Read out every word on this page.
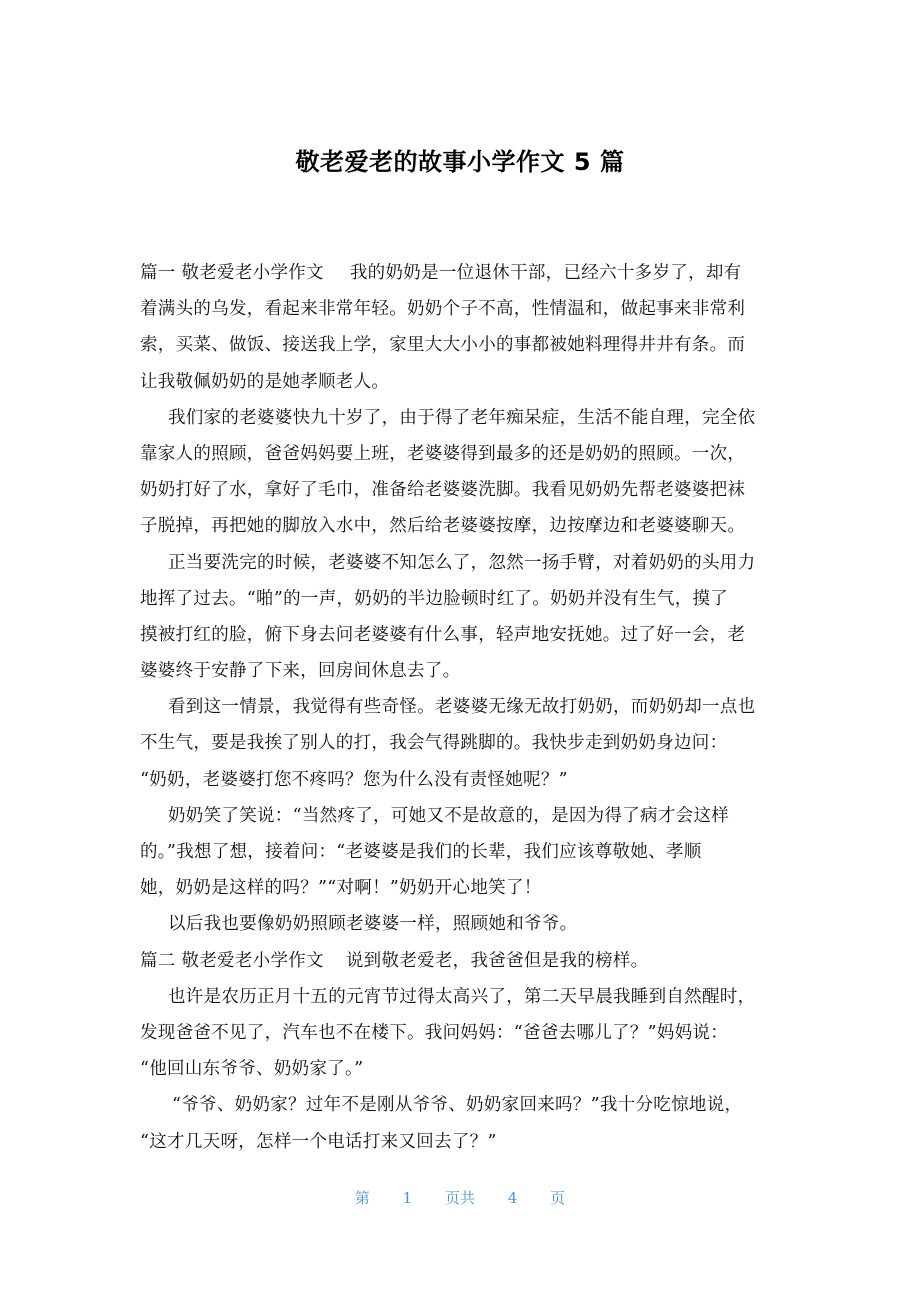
敬老爱老的故事小学作文 5 篇
篇一 敬老爱老小学作文 我的奶奶是一位退休干部，已经六十多岁了，却有
着满头的乌发，看起来非常年轻。奶奶个子不高，性情温和，做起事来非常利
索，买菜、做饭、接送我上学，家里大大小小的事都被她料理得井井有条。而
让我敬佩奶奶的是她孝顺老人。
我们家的老婆婆快九十岁了，由于得了老年痴呆症，生活不能自理，完全依
靠家人的照顾，爸爸妈妈要上班，老婆婆得到最多的还是奶奶的照顾。一次，
奶奶打好了水，拿好了毛巾，准备给老婆婆洗脚。我看见奶奶先帮老婆婆把袜
子脱掉，再把她的脚放入水中，然后给老婆婆按摩，边按摩边和老婆婆聊天。
正当要洗完的时候，老婆婆不知怎么了，忽然一扬手臂，对着奶奶的头用力
地挥了过去。“啪”的一声，奶奶的半边脸顿时红了。奶奶并没有生气，摸了
摸被打红的脸，俯下身去问老婆婆有什么事，轻声地安抚她。过了好一会，老
婆婆终于安静了下来，回房间休息去了。
看到这一情景，我觉得有些奇怪。老婆婆无缘无故打奶奶，而奶奶却一点也
不生气，要是我挨了别人的打，我会气得跳脚的。我快步走到奶奶身边问：
“奶奶，老婆婆打您不疼吗？您为什么没有责怪她呢？”
奶奶笑了笑说：“当然疼了，可她又不是故意的，是因为得了病才会这样
的。”我想了想，接着问：“老婆婆是我们的长辈，我们应该尊敬她、孝顺
她，奶奶是这样的吗？”“对啊！”奶奶开心地笑了！
以后我也要像奶奶照顾老婆婆一样，照顾她和爷爷。
篇二 敬老爱老小学作文 说到敬老爱老，我爸爸但是我的榜样。
也许是农历正月十五的元宵节过得太高兴了，第二天早晨我睡到自然醒时，
发现爸爸不见了，汽车也不在楼下。我问妈妈：“爸爸去哪儿了？”妈妈说：
“他回山东爷爷、奶奶家了。”
“爷爷、奶奶家？过年不是刚从爷爷、奶奶家回来吗？”我十分吃惊地说，
“这才几天呀，怎样一个电话打来又回去了？”
第 1 页共 4 页
